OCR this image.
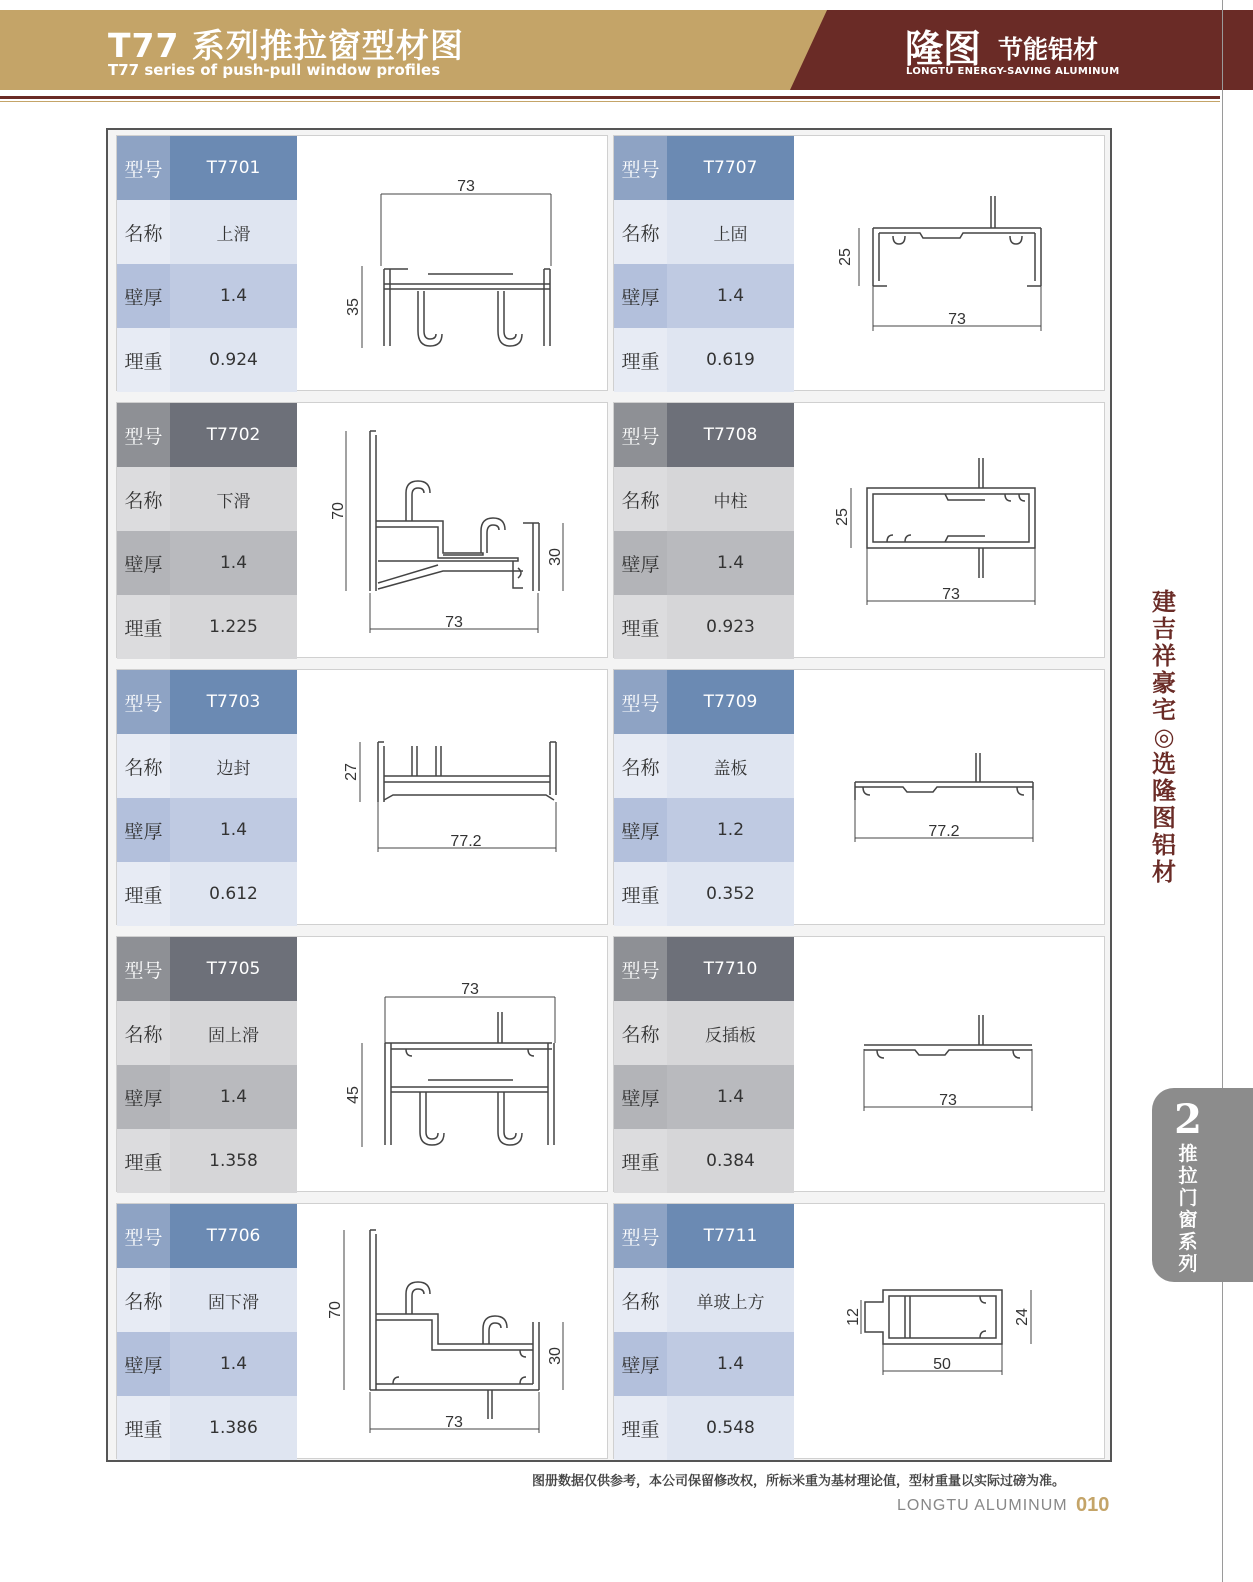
T77 系列推拉窗型材图

T77 series of push-pull window profiles	隆图 节能铝材
LONGTU ENERGY-SAVING ALUMINUM
型号	T7701
名称	上滑
壁厚	1.4
理重	0.924
73
35
型号	T7707
名称	上固
壁厚	1.4
理重	0.619
25
73
型号	T7702
名称	下滑
壁厚	1.4
理重	1.225
70
30
73
型号	T7708
名称	中柱
壁厚	1.4
理重	0.923
25
73
型号	T7703
名称	边封
壁厚	1.4
理重	0.612
27
77.2
型号	T7709
名称	盖板
壁厚	1.2
理重	0.352
77.2
型号	T7705
名称	固上滑
壁厚	1.4
理重	1.358
73
45
型号	T7710
名称	反插板
壁厚	1.4
理重	0.384
73
型号	T7706
名称	固下滑
壁厚	1.4
理重	1.386
70
30
73
型号	T7711
名称	单玻上方
壁厚	1.4
理重	0.548
12	24
50
建吉祥豪宅◎选隆图铝材
2
推拉门窗系列
图册数据仅供参考，本公司保留修改权，所标米重为基材理论值，型材重量以实际过磅为准。
LONGTU ALUMINUM 010
